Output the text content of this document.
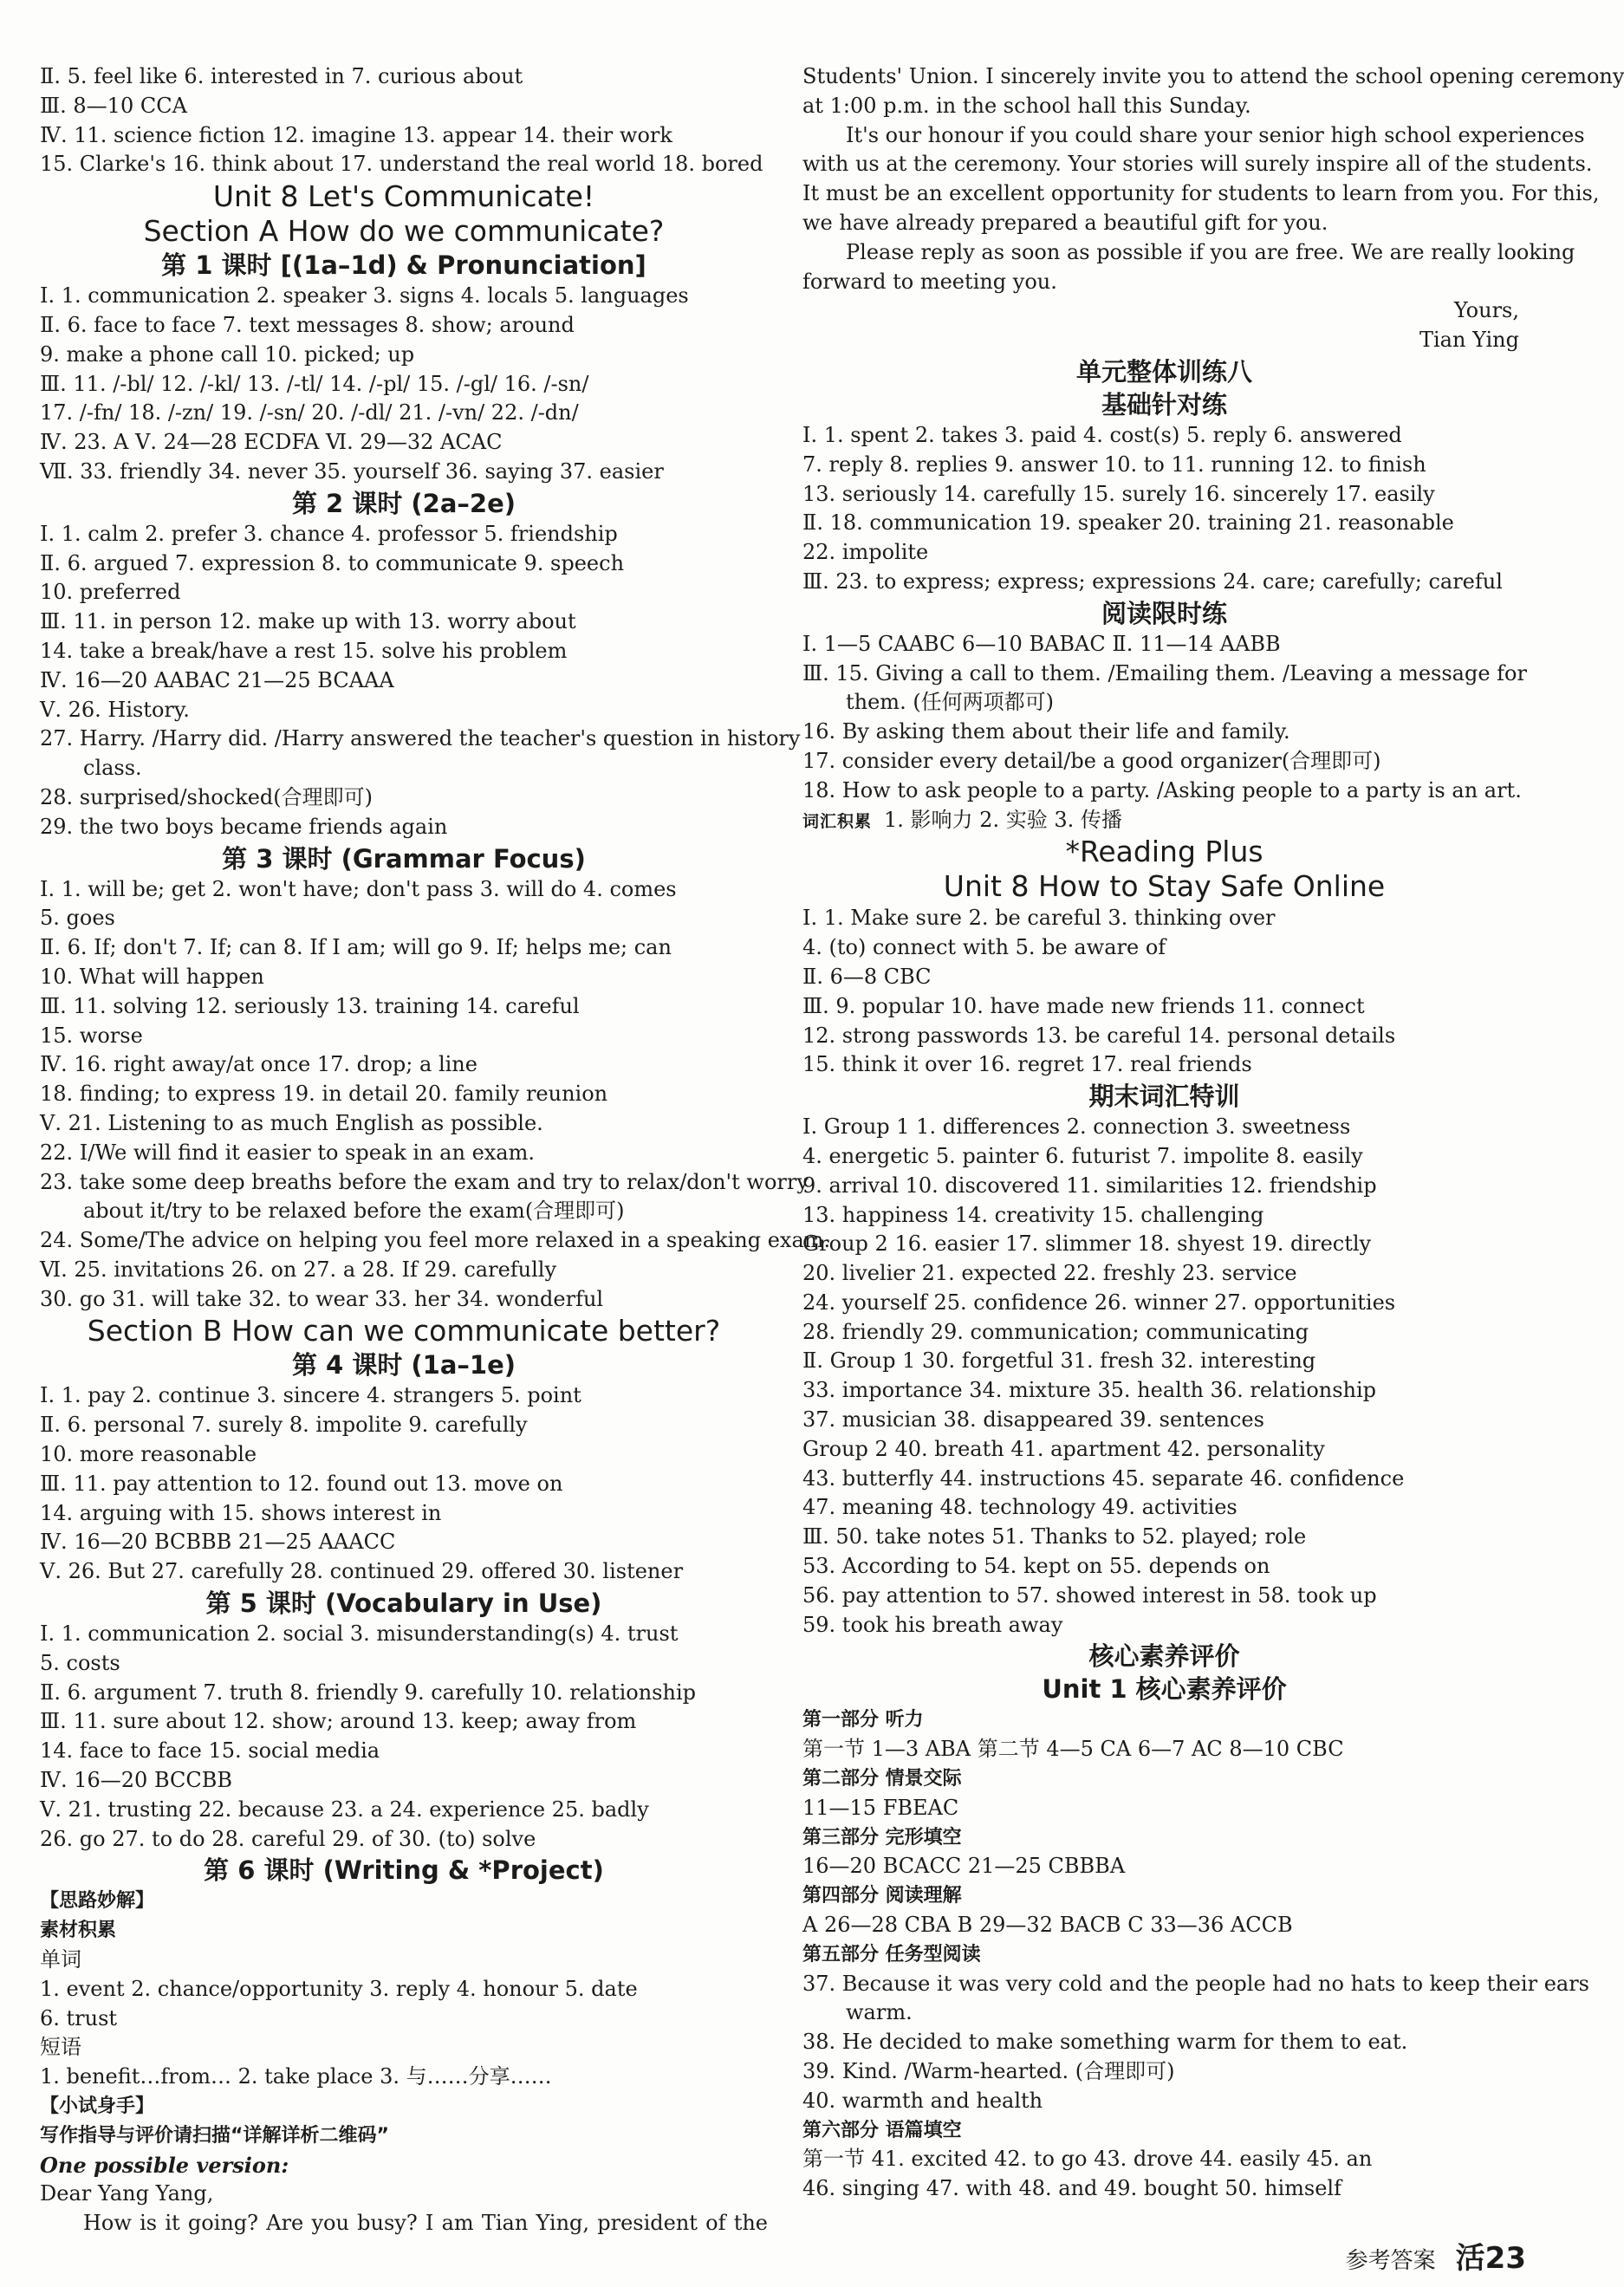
Ⅱ. 5. feel like 6. interested in 7. curious about
Ⅲ. 8—10 CCA
Ⅳ. 11. science fiction 12. imagine 13. appear 14. their work
15. Clarke's 16. think about 17. understand the real world 18. bored
Unit 8 Let's Communicate!
Section A How do we communicate?
第 1 课时 [(1a–1d) & Pronunciation]
Ⅰ. 1. communication 2. speaker 3. signs 4. locals 5. languages
Ⅱ. 6. face to face 7. text messages 8. show; around
9. make a phone call 10. picked; up
Ⅲ. 11. /-bl/ 12. /-kl/ 13. /-tl/ 14. /-pl/ 15. /-gl/ 16. /-sn/
17. /-fn/ 18. /-zn/ 19. /-sn/ 20. /-dl/ 21. /-vn/ 22. /-dn/
Ⅳ. 23. A Ⅴ. 24—28 ECDFA Ⅵ. 29—32 ACAC
Ⅶ. 33. friendly 34. never 35. yourself 36. saying 37. easier
第 2 课时 (2a–2e)
Ⅰ. 1. calm 2. prefer 3. chance 4. professor 5. friendship
Ⅱ. 6. argued 7. expression 8. to communicate 9. speech
10. preferred
Ⅲ. 11. in person 12. make up with 13. worry about
14. take a break/have a rest 15. solve his problem
Ⅳ. 16—20 AABAC 21—25 BCAAA
Ⅴ. 26. History.
27. Harry. /Harry did. /Harry answered the teacher's question in history
class.
28. surprised/shocked(合理即可)
29. the two boys became friends again
第 3 课时 (Grammar Focus)
Ⅰ. 1. will be; get 2. won't have; don't pass 3. will do 4. comes
5. goes
Ⅱ. 6. If; don't 7. If; can 8. If I am; will go 9. If; helps me; can
10. What will happen
Ⅲ. 11. solving 12. seriously 13. training 14. careful
15. worse
Ⅳ. 16. right away/at once 17. drop; a line
18. finding; to express 19. in detail 20. family reunion
Ⅴ. 21. Listening to as much English as possible.
22. I/We will find it easier to speak in an exam.
23. take some deep breaths before the exam and try to relax/don't worry
about it/try to be relaxed before the exam(合理即可)
24. Some/The advice on helping you feel more relaxed in a speaking exam.
Ⅵ. 25. invitations 26. on 27. a 28. If 29. carefully
30. go 31. will take 32. to wear 33. her 34. wonderful
Section B How can we communicate better?
第 4 课时 (1a–1e)
Ⅰ. 1. pay 2. continue 3. sincere 4. strangers 5. point
Ⅱ. 6. personal 7. surely 8. impolite 9. carefully
10. more reasonable
Ⅲ. 11. pay attention to 12. found out 13. move on
14. arguing with 15. shows interest in
Ⅳ. 16—20 BCBBB 21—25 AAACC
Ⅴ. 26. But 27. carefully 28. continued 29. offered 30. listener
第 5 课时 (Vocabulary in Use)
Ⅰ. 1. communication 2. social 3. misunderstanding(s) 4. trust
5. costs
Ⅱ. 6. argument 7. truth 8. friendly 9. carefully 10. relationship
Ⅲ. 11. sure about 12. show; around 13. keep; away from
14. face to face 15. social media
Ⅳ. 16—20 BCCBB
Ⅴ. 21. trusting 22. because 23. a 24. experience 25. badly
26. go 27. to do 28. careful 29. of 30. (to) solve
第 6 课时 (Writing & *Project)
【思路妙解】
素材积累
单词
1. event 2. chance/opportunity 3. reply 4. honour 5. date
6. trust
短语
1. benefit…from… 2. take place 3. 与……分享……
【小试身手】
写作指导与评价请扫描“详解详析二维码”
One possible version:
Dear Yang Yang,
How is it going? Are you busy? I am Tian Ying, president of the
Students' Union. I sincerely invite you to attend the school opening ceremony
at 1:00 p.m. in the school hall this Sunday.
It's our honour if you could share your senior high school experiences
with us at the ceremony. Your stories will surely inspire all of the students.
It must be an excellent opportunity for students to learn from you. For this,
we have already prepared a beautiful gift for you.
Please reply as soon as possible if you are free. We are really looking
forward to meeting you.
Yours,
Tian Ying
单元整体训练八
基础针对练
Ⅰ. 1. spent 2. takes 3. paid 4. cost(s) 5. reply 6. answered
7. reply 8. replies 9. answer 10. to 11. running 12. to finish
13. seriously 14. carefully 15. surely 16. sincerely 17. easily
Ⅱ. 18. communication 19. speaker 20. training 21. reasonable
22. impolite
Ⅲ. 23. to express; express; expressions 24. care; carefully; careful
阅读限时练
Ⅰ. 1—5 CAABC 6—10 BABAC Ⅱ. 11—14 AABB
Ⅲ. 15. Giving a call to them. /Emailing them. /Leaving a message for
them. (任何两项都可)
16. By asking them about their life and family.
17. consider every detail/be a good organizer(合理即可)
18. How to ask people to a party. /Asking people to a party is an art.
词汇积累 1. 影响力 2. 实验 3. 传播
*Reading Plus
Unit 8 How to Stay Safe Online
Ⅰ. 1. Make sure 2. be careful 3. thinking over
4. (to) connect with 5. be aware of
Ⅱ. 6—8 CBC
Ⅲ. 9. popular 10. have made new friends 11. connect
12. strong passwords 13. be careful 14. personal details
15. think it over 16. regret 17. real friends
期末词汇特训
Ⅰ. Group 1 1. differences 2. connection 3. sweetness
4. energetic 5. painter 6. futurist 7. impolite 8. easily
9. arrival 10. discovered 11. similarities 12. friendship
13. happiness 14. creativity 15. challenging
Group 2 16. easier 17. slimmer 18. shyest 19. directly
20. livelier 21. expected 22. freshly 23. service
24. yourself 25. confidence 26. winner 27. opportunities
28. friendly 29. communication; communicating
Ⅱ. Group 1 30. forgetful 31. fresh 32. interesting
33. importance 34. mixture 35. health 36. relationship
37. musician 38. disappeared 39. sentences
Group 2 40. breath 41. apartment 42. personality
43. butterfly 44. instructions 45. separate 46. confidence
47. meaning 48. technology 49. activities
Ⅲ. 50. take notes 51. Thanks to 52. played; role
53. According to 54. kept on 55. depends on
56. pay attention to 57. showed interest in 58. took up
59. took his breath away
核心素养评价
Unit 1 核心素养评价
第一部分 听力
第一节 1—3 ABA 第二节 4—5 CA 6—7 AC 8—10 CBC
第二部分 情景交际
11—15 FBEAC
第三部分 完形填空
16—20 BCACC 21—25 CBBBA
第四部分 阅读理解
A 26—28 CBA B 29—32 BACB C 33—36 ACCB
第五部分 任务型阅读
37. Because it was very cold and the people had no hats to keep their ears
warm.
38. He decided to make something warm for them to eat.
39. Kind. /Warm-hearted. (合理即可)
40. warmth and health
第六部分 语篇填空
第一节 41. excited 42. to go 43. drove 44. easily 45. an
46. singing 47. with 48. and 49. bought 50. himself
参考答案 活23
